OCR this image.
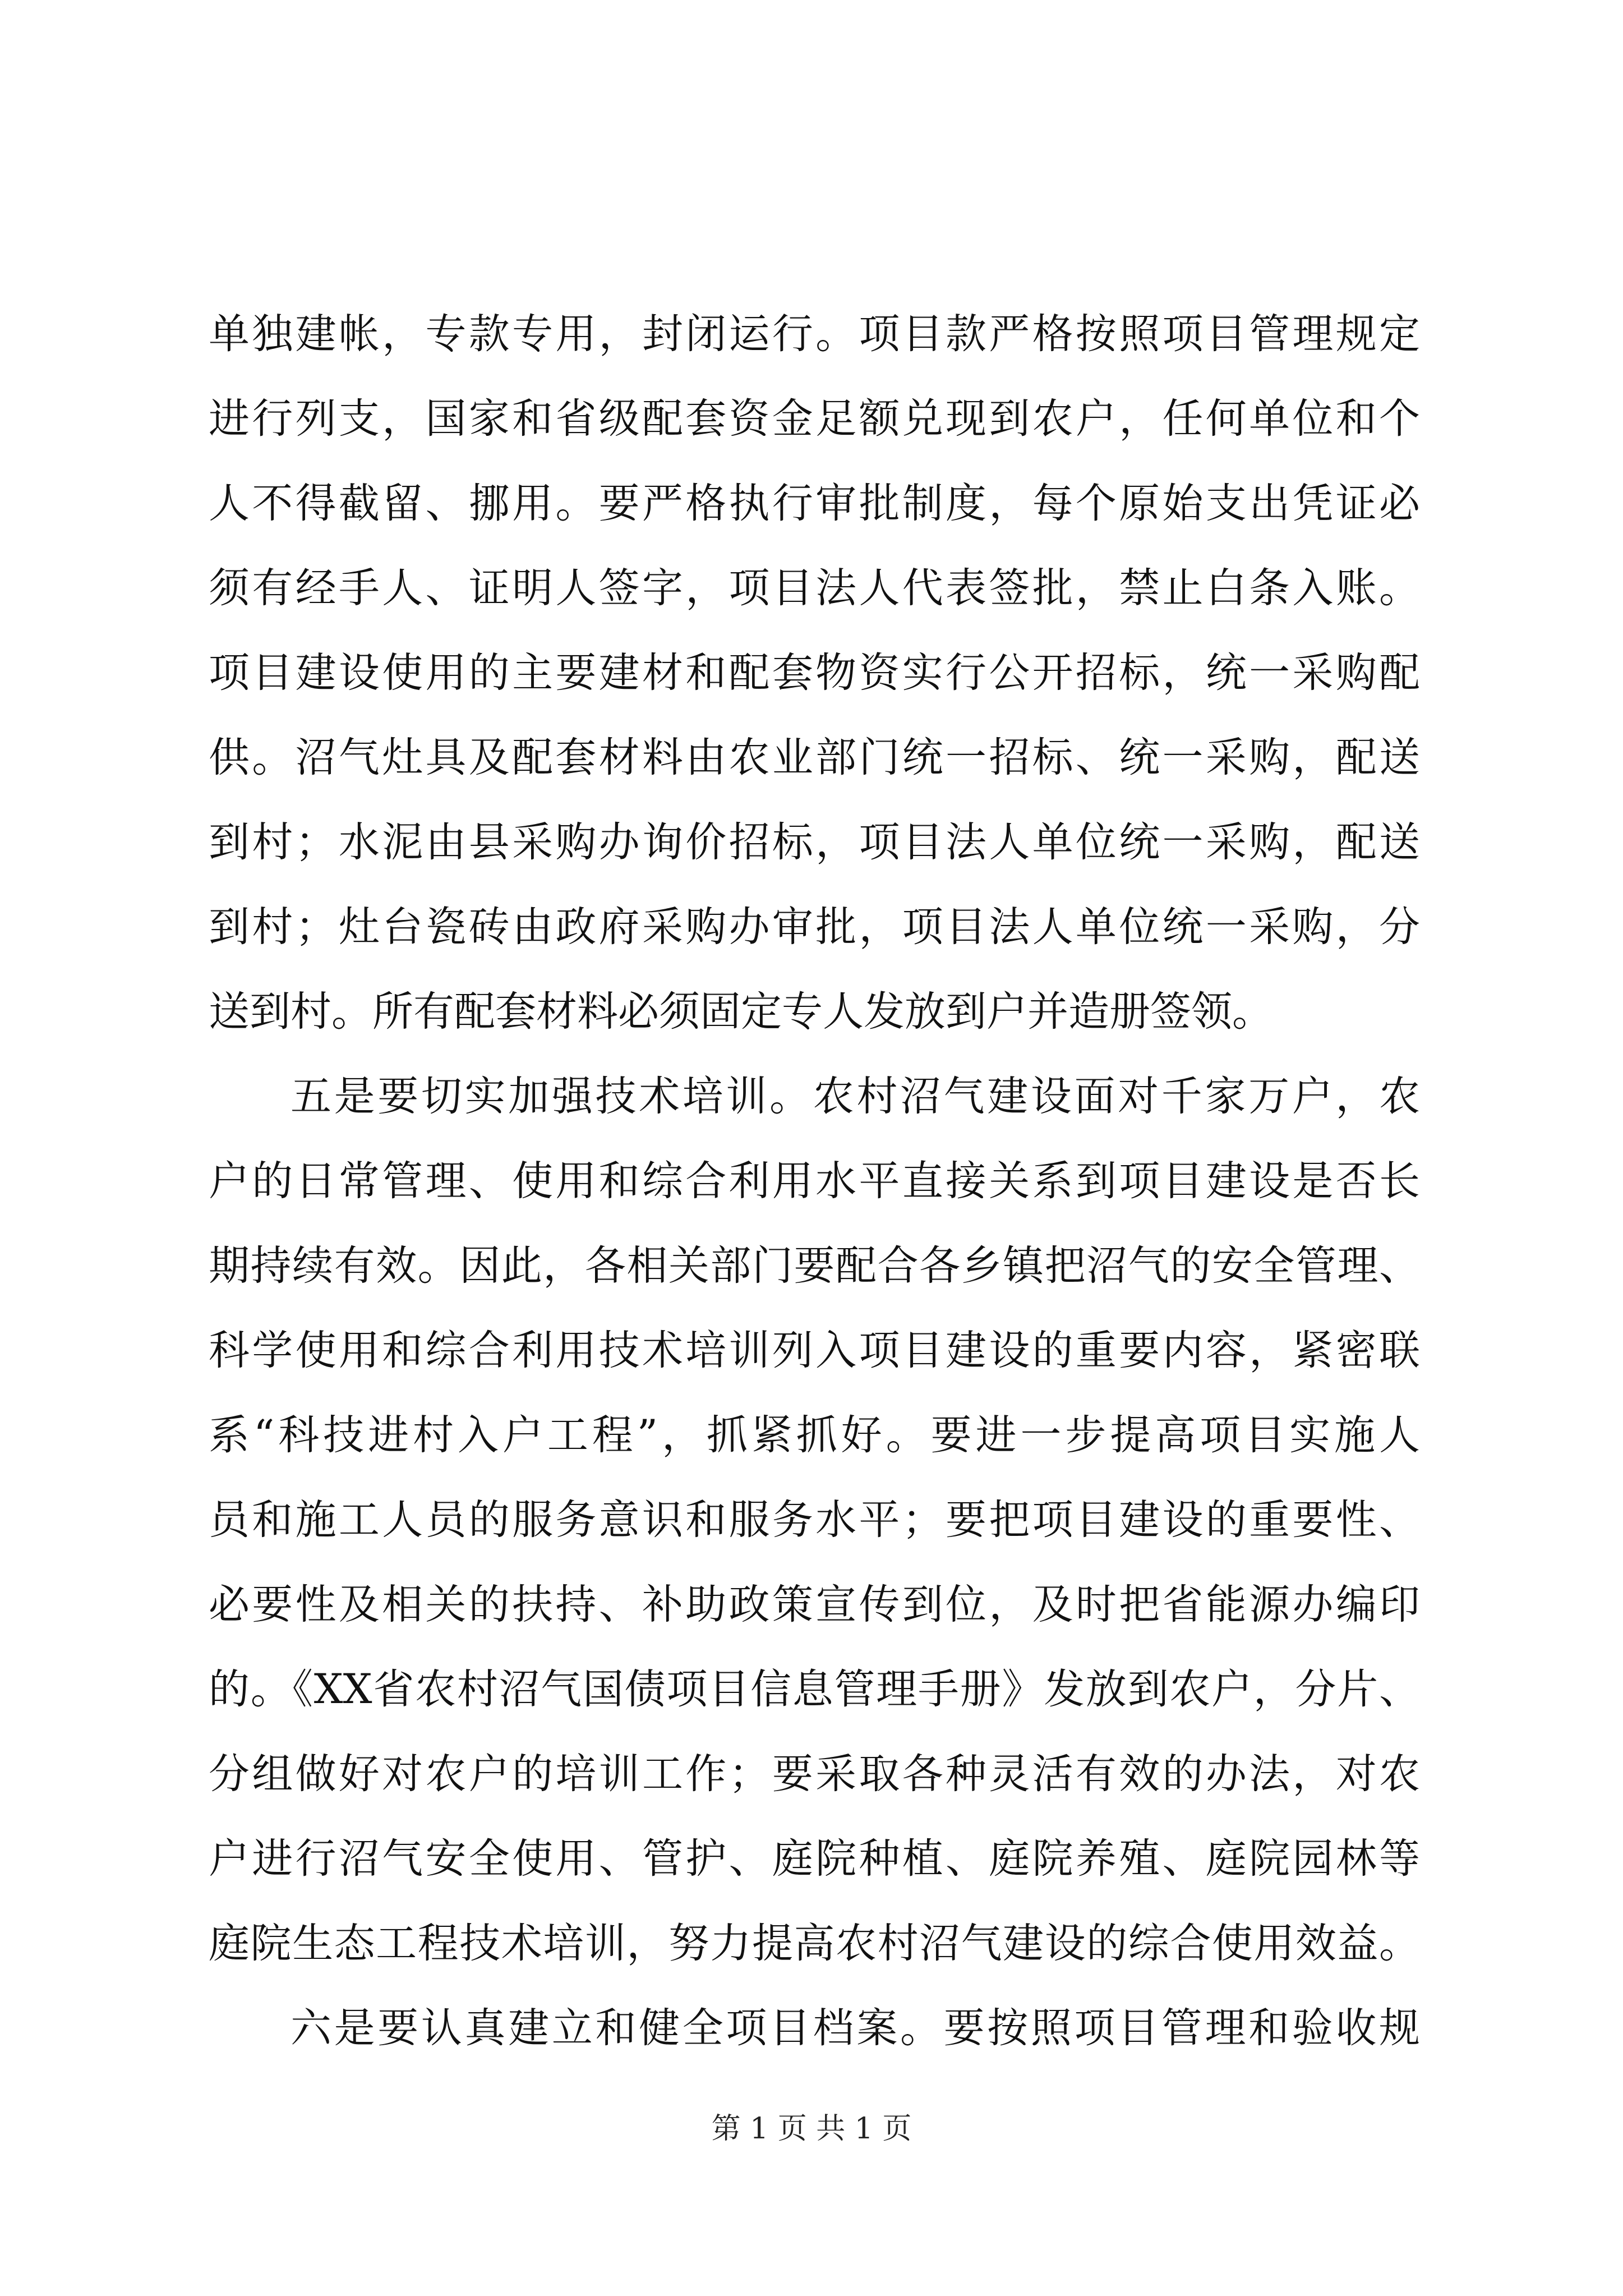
单独建帐，专款专用，封闭运行。项目款严格按照项目管理规定
进行列支，国家和省级配套资金足额兑现到农户，任何单位和个
人不得截留、挪用。要严格执行审批制度，每个原始支出凭证必
须有经手人、证明人签字，项目法人代表签批，禁止白条入账。
项目建设使用的主要建材和配套物资实行公开招标，统一采购配
供。沼气灶具及配套材料由农业部门统一招标、统一采购，配送
到村；水泥由县采购办询价招标，项目法人单位统一采购，配送
到村；灶台瓷砖由政府采购办审批，项目法人单位统一采购，分
送到村。所有配套材料必须固定专人发放到户并造册签领。
五是要切实加强技术培训。农村沼气建设面对千家万户，农
户的日常管理、使用和综合利用水平直接关系到项目建设是否长
期持续有效。因此，各相关部门要配合各乡镇把沼气的安全管理、
科学使用和综合利用技术培训列入项目建设的重要内容，紧密联
系“科技进村入户工程”，抓紧抓好。要进一步提高项目实施人
员和施工人员的服务意识和服务水平；要把项目建设的重要性、
必要性及相关的扶持、补助政策宣传到位，及时把省能源办编印
的。《XX省农村沼气国债项目信息管理手册》发放到农户，分片、
分组做好对农户的培训工作；要采取各种灵活有效的办法，对农
户进行沼气安全使用、管护、庭院种植、庭院养殖、庭院园林等
庭院生态工程技术培训，努力提高农村沼气建设的综合使用效益。
六是要认真建立和健全项目档案。要按照项目管理和验收规
第 1 页 共 1 页
